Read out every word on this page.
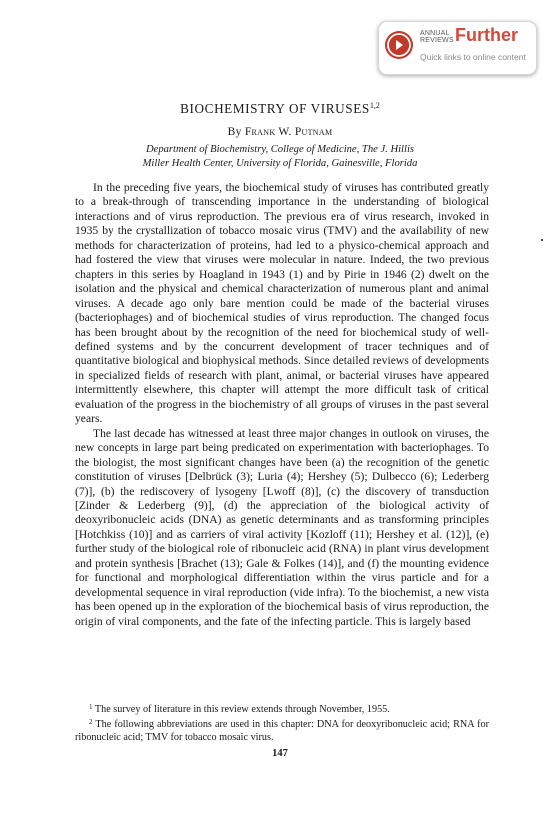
ANNUAL
REVIEWS Further
Quick links to online content
BIOCHEMISTRY OF VIRUSES$^{1,2}$
By Frank W. Putnam
Department of Biochemistry, College of Medicine, The J. Hillis
Miller Health Center, University of Florida, Gainesville, Florida

In the preceding five years, the biochemical study of viruses has contributed greatly to a break-through of transcending importance in the understanding of biological interactions and of virus reproduction. The previous era of virus research, invoked in 1935 by the crystallization of tobacco mosaic virus (TMV) and the availability of new methods for characterization of proteins, had led to a physico-chemical approach and had fostered the view that viruses were molecular in nature. Indeed, the two previous chapters in this series by Hoagland in 1943 (1) and by Pirie in 1946 (2) dwelt on the isolation and the physical and chemical characterization of numerous plant and animal viruses. A decade ago only bare mention could be made of the bacterial viruses (bacteriophages) and of biochemical studies of virus reproduction. The changed focus has been brought about by the recognition of the need for biochemical study of well-defined systems and by the concurrent development of tracer techniques and of quantitative biological and biophysical methods. Since detailed reviews of developments in specialized fields of research with plant, animal, or bacterial viruses have appeared intermittently elsewhere, this chapter will attempt the more difficult task of critical evaluation of the progress in the biochemistry of all groups of viruses in the past several years.

The last decade has witnessed at least three major changes in outlook on viruses, the new concepts in large part being predicated on experimentation with bacteriophages. To the biologist, the most significant changes have been (a) the recognition of the genetic constitution of viruses [Delbrück (3); Luria (4); Hershey (5); Dulbecco (6); Lederberg (7)], (b) the rediscovery of lysogeny [Lwoff (8)], (c) the discovery of transduction [Zinder & Lederberg (9)], (d) the appreciation of the biological activity of deoxyribonucleic acids (DNA) as genetic determinants and as transforming principles [Hotchkiss (10)] and as carriers of viral activity [Kozloff (11); Hershey et al. (12)], (e) further study of the biological role of ribonucleic acid (RNA) in plant virus development and protein synthesis [Brachet (13); Gale & Folkes (14)], and (f) the mounting evidence for functional and morphological differentiation within the virus particle and for a developmental sequence in viral reproduction (vide infra). To the biochemist, a new vista has been opened up in the exploration of the biochemical basis of virus reproduction, the origin of viral components, and the fate of the infecting particle. This is largely based

$^1$ The survey of literature in this review extends through November, 1955.

$^2$ The following abbreviations are used in this chapter: DNA for deoxyribonucleic acid; RNA for ribonucleic acid; TMV for tobacco mosaic virus.

147
